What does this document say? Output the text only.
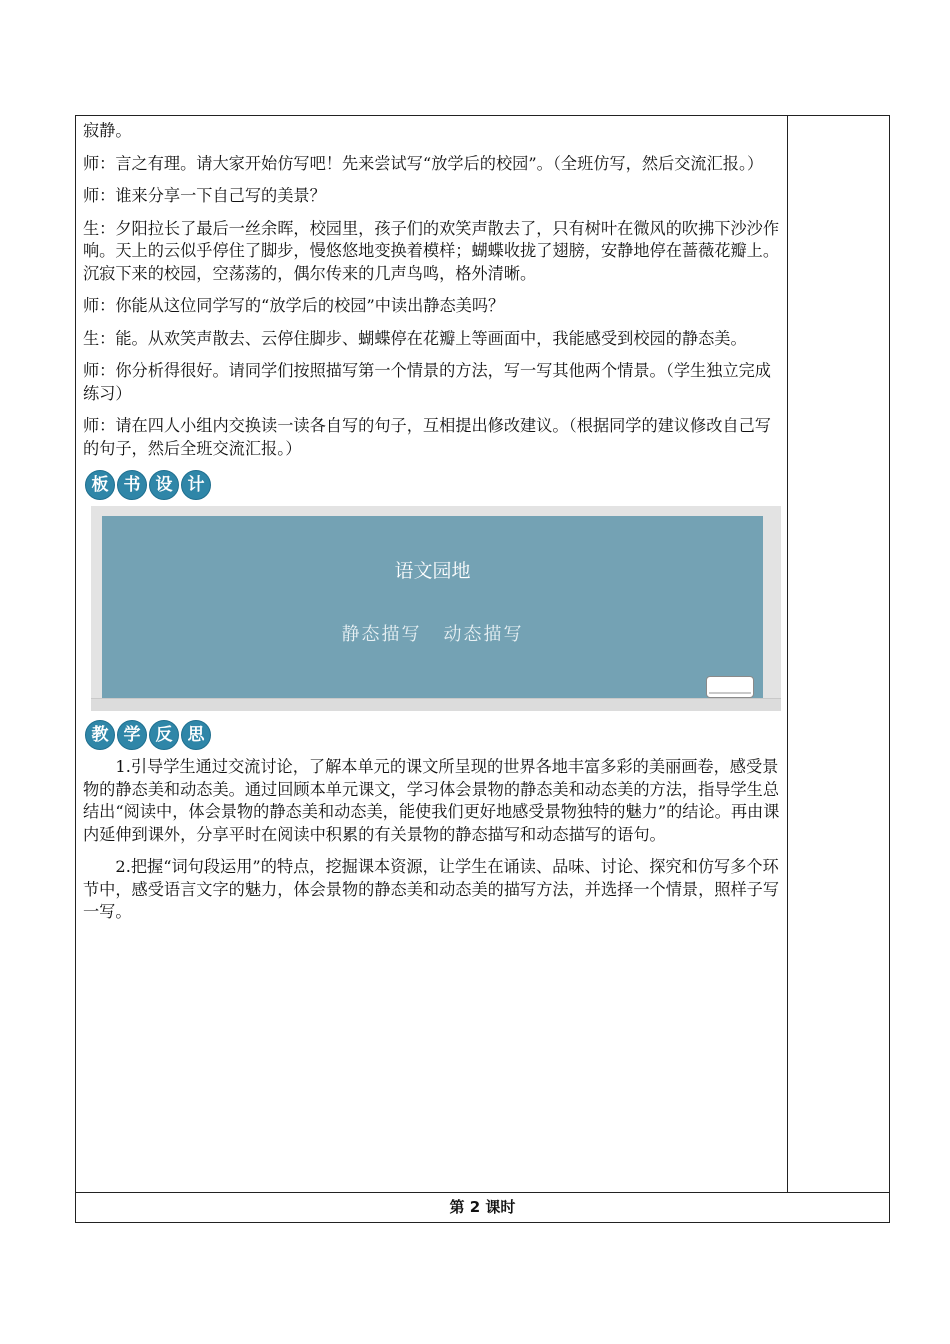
寂静。

师：言之有理。请大家开始仿写吧！先来尝试写“放学后的校园”。（全班仿写，然后交流汇报。）

师：谁来分享一下自己写的美景？

生：夕阳拉长了最后一丝余晖，校园里，孩子们的欢笑声散去了，只有树叶在微风的吹拂下沙沙作响。天上的云似乎停住了脚步，慢悠悠地变换着模样；蝴蝶收拢了翅膀，安静地停在蔷薇花瓣上。沉寂下来的校园，空荡荡的，偶尔传来的几声鸟鸣，格外清晰。

师：你能从这位同学写的“放学后的校园”中读出静态美吗？

生：能。从欢笑声散去、云停住脚步、蝴蝶停在花瓣上等画面中，我能感受到校园的静态美。

师：你分析得很好。请同学们按照描写第一个情景的方法，写一写其他两个情景。（学生独立完成练习）

师：请在四人小组内交换读一读各自写的句子，互相提出修改建议。（根据同学的建议修改自己写的句子，然后全班交流汇报。）

板 书 设 计
语文园地
静态描写 动态描写
教 学 反 思

1.引导学生通过交流讨论，了解本单元的课文所呈现的世界各地丰富多彩的美丽画卷，感受景物的静态美和动态美。通过回顾本单元课文，学习体会景物的静态美和动态美的方法，指导学生总结出“阅读中，体会景物的静态美和动态美，能使我们更好地感受景物独特的魅力”的结论。再由课内延伸到课外，分享平时在阅读中积累的有关景物的静态描写和动态描写的语句。

2.把握“词句段运用”的特点，挖掘课本资源，让学生在诵读、品味、讨论、探究和仿写多个环节中，感受语言文字的魅力，体会景物的静态美和动态美的描写方法，并选择一个情景，照样子写一写。

第 2 课时
